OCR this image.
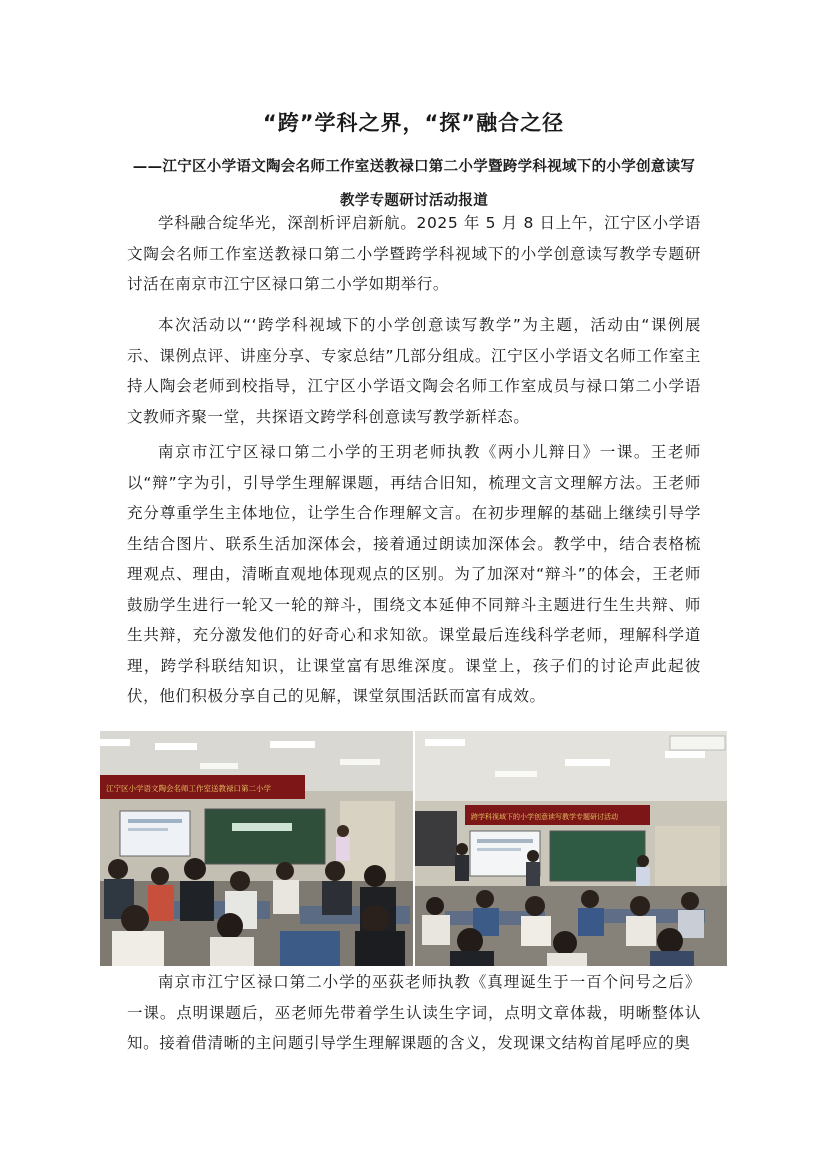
“跨”学科之界，“探”融合之径
——江宁区小学语文陶会名师工作室送教禄口第二小学暨跨学科视域下的小学创意读写教学专题研讨活动报道

学科融合绽华光，深剖析评启新航。2025 年 5 月 8 日上午，江宁区小学语文陶会名师工作室送教禄口第二小学暨跨学科视域下的小学创意读写教学专题研讨活在南京市江宁区禄口第二小学如期举行。

本次活动以“‘跨学科视域下的小学创意读写教学”为主题，活动由“课例展示、课例点评、讲座分享、专家总结”几部分组成。江宁区小学语文名师工作室主持人陶会老师到校指导，江宁区小学语文陶会名师工作室成员与禄口第二小学语文教师齐聚一堂，共探语文跨学科创意读写教学新样态。

南京市江宁区禄口第二小学的王玥老师执教《两小儿辩日》一课。王老师以“辩”字为引，引导学生理解课题，再结合旧知，梳理文言文理解方法。王老师充分尊重学生主体地位，让学生合作理解文言。在初步理解的基础上继续引导学生结合图片、联系生活加深体会，接着通过朗读加深体会。教学中，结合表格梳理观点、理由，清晰直观地体现观点的区别。为了加深对“辩斗”的体会，王老师鼓励学生进行一轮又一轮的辩斗，围绕文本延伸不同辩斗主题进行生生共辩、师生共辩，充分激发他们的好奇心和求知欲。课堂最后连线科学老师，理解科学道理，跨学科联结知识，让课堂富有思维深度。课堂上，孩子们的讨论声此起彼伏，他们积极分享自己的见解，课堂氛围活跃而富有成效。

江宁区小学语文陶会名师工作室送教禄口第二小学
跨学科视域下的小学创意读写教学专题研讨活动

南京市江宁区禄口第二小学的巫荻老师执教《真理诞生于一百个问号之后》一课。点明课题后，巫老师先带着学生认读生字词，点明文章体裁，明晰整体认知。接着借清晰的主问题引导学生理解课题的含义，发现课文结构首尾呼应的奥
